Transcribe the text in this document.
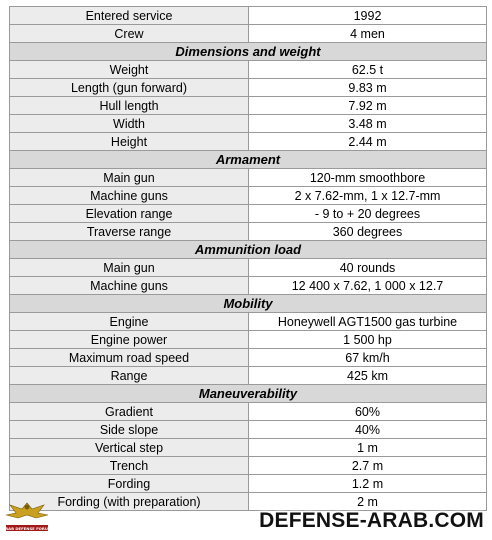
Entered service	1992
Crew	4 men
Dimensions and weight	
Weight	62.5 t
Length (gun forward)	9.83 m
Hull length	7.92 m
Width	3.48 m
Height	2.44 m
Armament	
Main gun	120-mm smoothbore
Machine guns	2 x 7.62-mm, 1 x 12.7-mm
Elevation range	- 9 to + 20 degrees
Traverse range	360 degrees
Ammunition load	
Main gun	40 rounds
Machine guns	12 400 x 7.62, 1 000 x 12.7
Mobility	
Engine	Honeywell AGT1500 gas turbine
Engine power	1 500 hp
Maximum road speed	67 km/h
Range	425 km
Maneuverability	
Gradient	60%
Side slope	40%
Vertical step	1 m
Trench	2.7 m
Fording	1.2 m
Fording (with preparation)	2 m
ARAB DEFENSE FORUM	DEFENSE-ARAB.COM
